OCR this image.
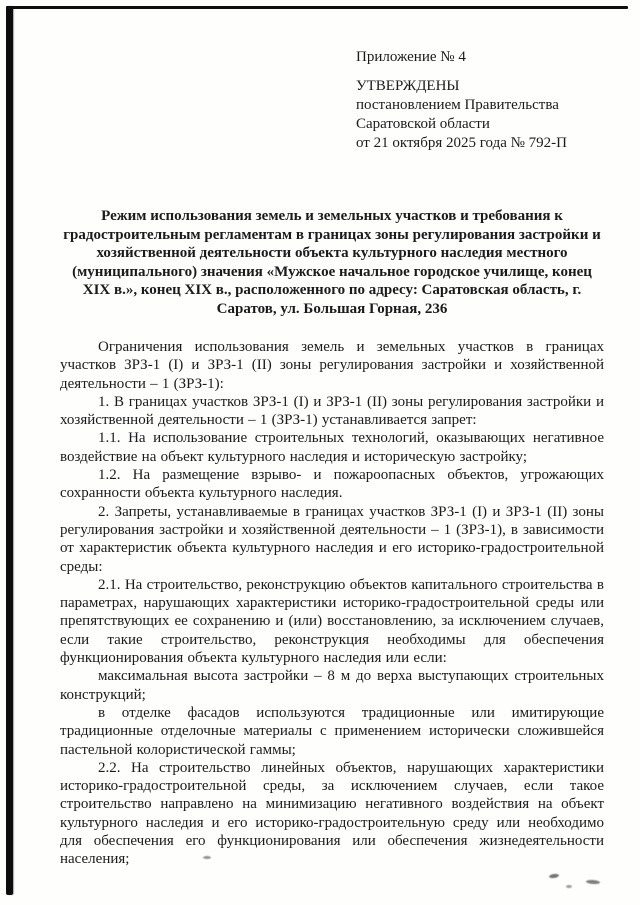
Приложение № 4

УТВЕРЖДЕНЫ

постановлением Правительства

Саратовской области

от 21 октября 2025 года № 792-П

Режим использования земель и земельных участков и требования к градостроительным регламентам в границах зоны регулирования застройки и хозяйственной деятельности объекта культурного наследия местного (муниципального) значения «Мужское начальное городское училище, конец XIX в.», конец XIX в., расположенного по адресу: Саратовская область, г. Саратов, ул. Большая Горная, 236

Ограничения использования земель и земельных участков в границах участков ЗРЗ-1 (I) и ЗРЗ-1 (II) зоны регулирования застройки и хозяйственной деятельности – 1 (ЗРЗ-1):

1. В границах участков ЗРЗ-1 (I) и ЗРЗ-1 (II) зоны регулирования застройки и хозяйственной деятельности – 1 (ЗРЗ-1) устанавливается запрет:

1.1. На использование строительных технологий, оказывающих негативное воздействие на объект культурного наследия и историческую застройку;

1.2. На размещение взрыво- и пожароопасных объектов, угрожающих сохранности объекта культурного наследия.

2. Запреты, устанавливаемые в границах участков ЗРЗ-1 (I) и ЗРЗ-1 (II) зоны регулирования застройки и хозяйственной деятельности – 1 (ЗРЗ-1), в зависимости от характеристик объекта культурного наследия и его историко-градостроительной среды:

2.1. На строительство, реконструкцию объектов капитального строительства в параметрах, нарушающих характеристики историко-градостроительной среды или препятствующих ее сохранению и (или) восстановлению, за исключением случаев, если такие строительство, реконструкция необходимы для обеспечения функционирования объекта культурного наследия или если:

максимальная высота застройки – 8 м до верха выступающих строительных конструкций;

в отделке фасадов используются традиционные или имитирующие традиционные отделочные материалы с применением исторически сложившейся пастельной колористической гаммы;

2.2. На строительство линейных объектов, нарушающих характеристики историко-градостроительной среды, за исключением случаев, если такое строительство направлено на минимизацию негативного воздействия на объект культурного наследия и его историко-градостроительную среду или необходимо для обеспечения его функционирования или обеспечения жизнедеятельности населения;
